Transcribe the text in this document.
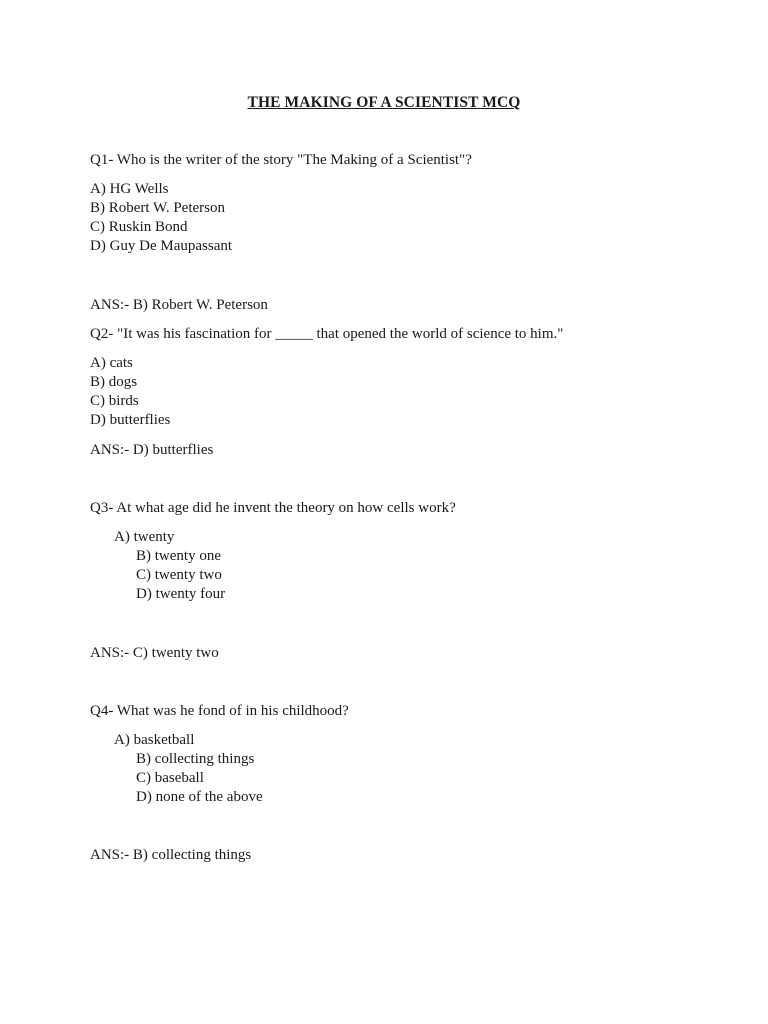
THE MAKING OF A SCIENTIST MCQ
Q1- Who is the writer of the story "The Making of a Scientist"?
A) HG Wells
B) Robert W. Peterson
C) Ruskin Bond
D) Guy De Maupassant
ANS:- B) Robert W. Peterson
Q2- "It was his fascination for _____ that opened the world of science to him."
A) cats
B) dogs
C) birds
D) butterflies
ANS:- D) butterflies
Q3- At what age did he invent the theory on how cells work?
A) twenty
B) twenty one
C) twenty two
D) twenty four
ANS:- C) twenty two
Q4- What was he fond of in his childhood?
A) basketball
B) collecting things
C) baseball
D) none of the above
ANS:- B) collecting things
